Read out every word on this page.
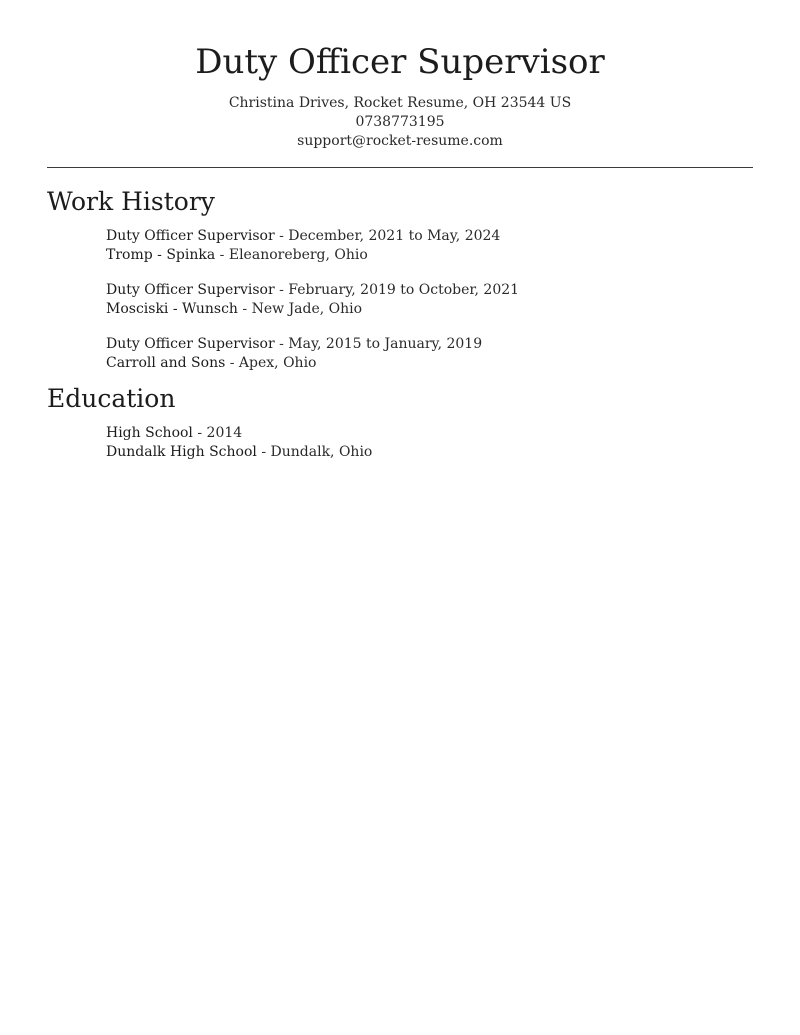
Duty Officer Supervisor
Christina Drives, Rocket Resume, OH 23544 US
0738773195
support@rocket-resume.com
Work History
Duty Officer Supervisor - December, 2021 to May, 2024
Tromp - Spinka - Eleanoreberg, Ohio
Duty Officer Supervisor - February, 2019 to October, 2021
Mosciski - Wunsch - New Jade, Ohio
Duty Officer Supervisor - May, 2015 to January, 2019
Carroll and Sons - Apex, Ohio
Education
High School - 2014
Dundalk High School - Dundalk, Ohio
